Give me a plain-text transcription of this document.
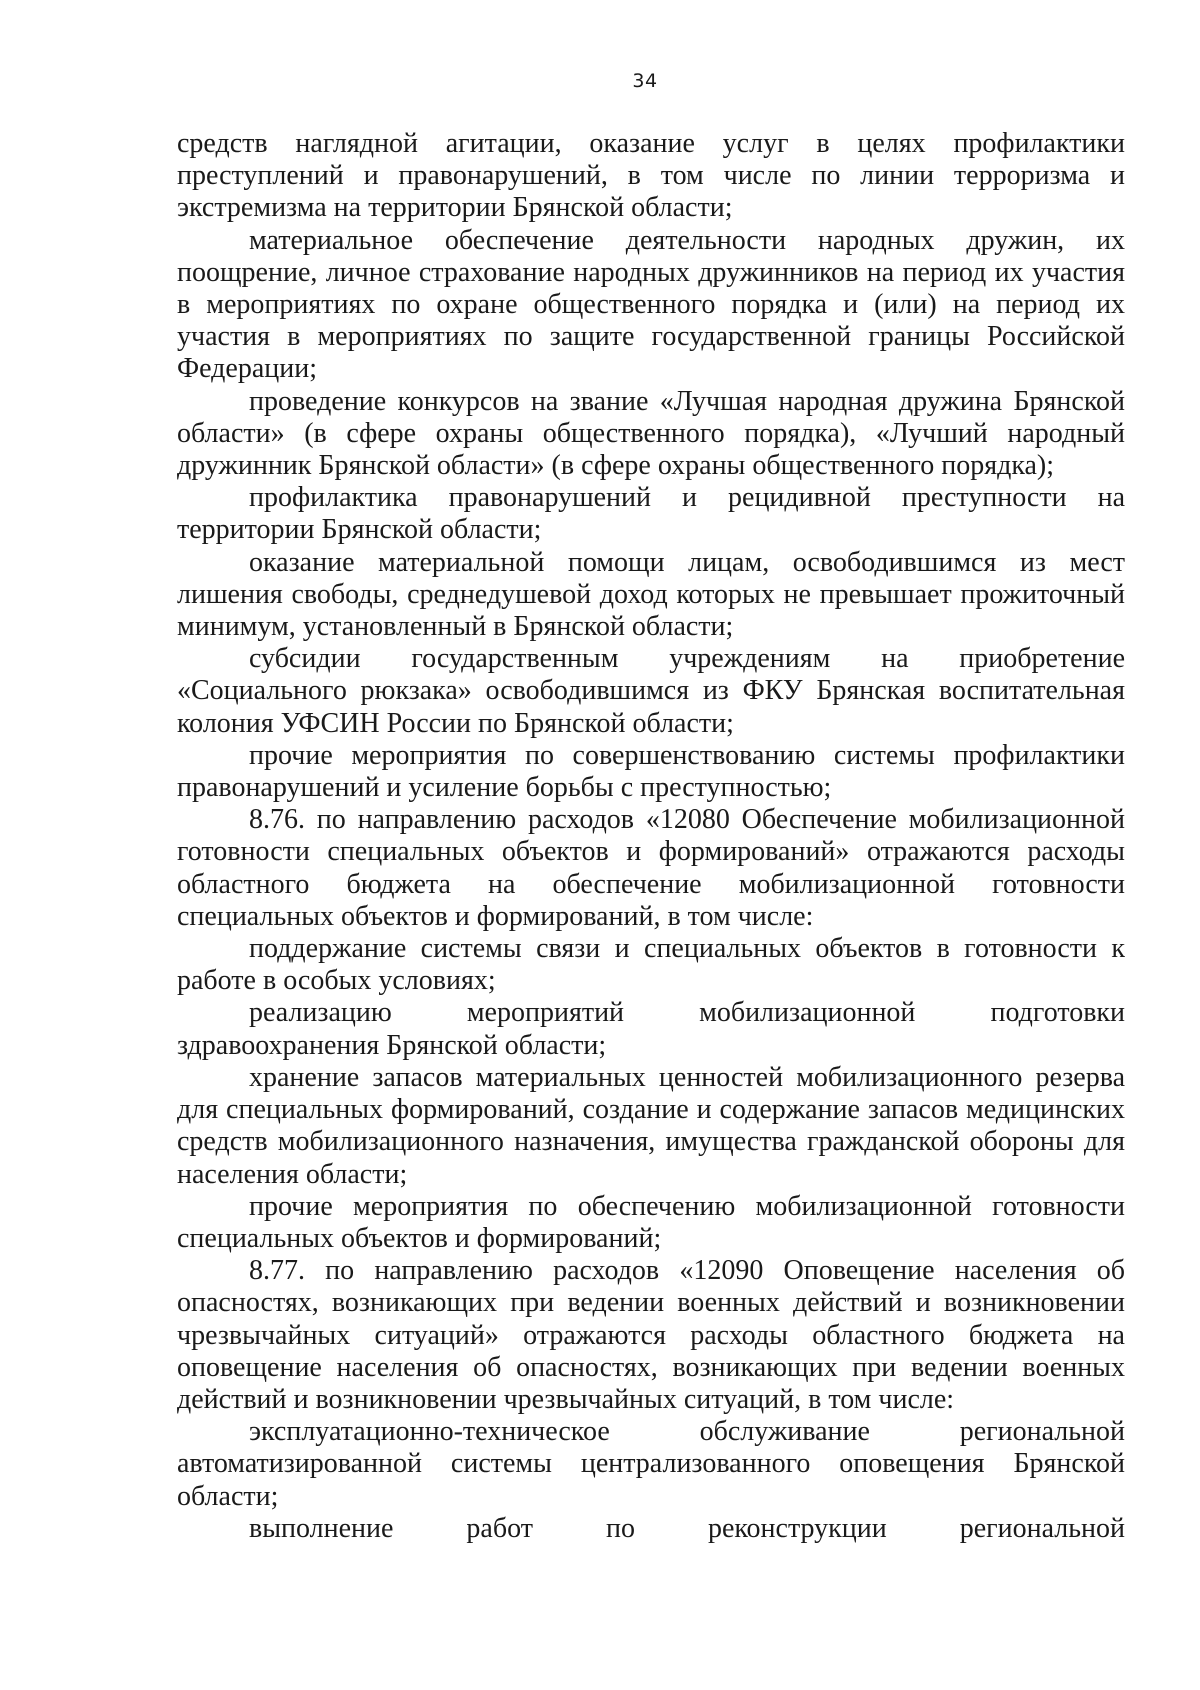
34

средств наглядной агитации, оказание услуг в целях профилактики преступлений и правонарушений, в том числе по линии терроризма и экстремизма на территории Брянской области;

материальное обеспечение деятельности народных дружин, их поощрение, личное страхование народных дружинников на период их участия в мероприятиях по охране общественного порядка и (или) на период их участия в мероприятиях по защите государственной границы Российской Федерации;

проведение конкурсов на звание «Лучшая народная дружина Брянской области» (в сфере охраны общественного порядка), «Лучший народный дружинник Брянской области» (в сфере охраны общественного порядка);

профилактика правонарушений и рецидивной преступности на территории Брянской области;

оказание материальной помощи лицам, освободившимся из мест лишения свободы, среднедушевой доход которых не превышает прожиточный минимум, установленный в Брянской области;

субсидии государственным учреждениям на приобретение «Социального рюкзака» освободившимся из ФКУ Брянская воспитательная колония УФСИН России по Брянской области;

прочие мероприятия по совершенствованию системы профилактики правонарушений и усиление борьбы с преступностью;

8.76. по направлению расходов «12080 Обеспечение мобилизационной готовности специальных объектов и формирований» отражаются расходы областного бюджета на обеспечение мобилизационной готовности специальных объектов и формирований, в том числе:

поддержание системы связи и специальных объектов в готовности к работе в особых условиях;

реализацию мероприятий мобилизационной подготовки здравоохранения Брянской области;

хранение запасов материальных ценностей мобилизационного резерва для специальных формирований, создание и содержание запасов медицинских средств мобилизационного назначения, имущества гражданской обороны для населения области;

прочие мероприятия по обеспечению мобилизационной готовности специальных объектов и формирований;

8.77. по направлению расходов «12090 Оповещение населения об опасностях, возникающих при ведении военных действий и возникновении чрезвычайных ситуаций» отражаются расходы областного бюджета на оповещение населения об опасностях, возникающих при ведении военных действий и возникновении чрезвычайных ситуаций, в том числе:

эксплуатационно-техническое обслуживание региональной автоматизированной системы централизованного оповещения Брянской области;

выполнение работ по реконструкции региональной
